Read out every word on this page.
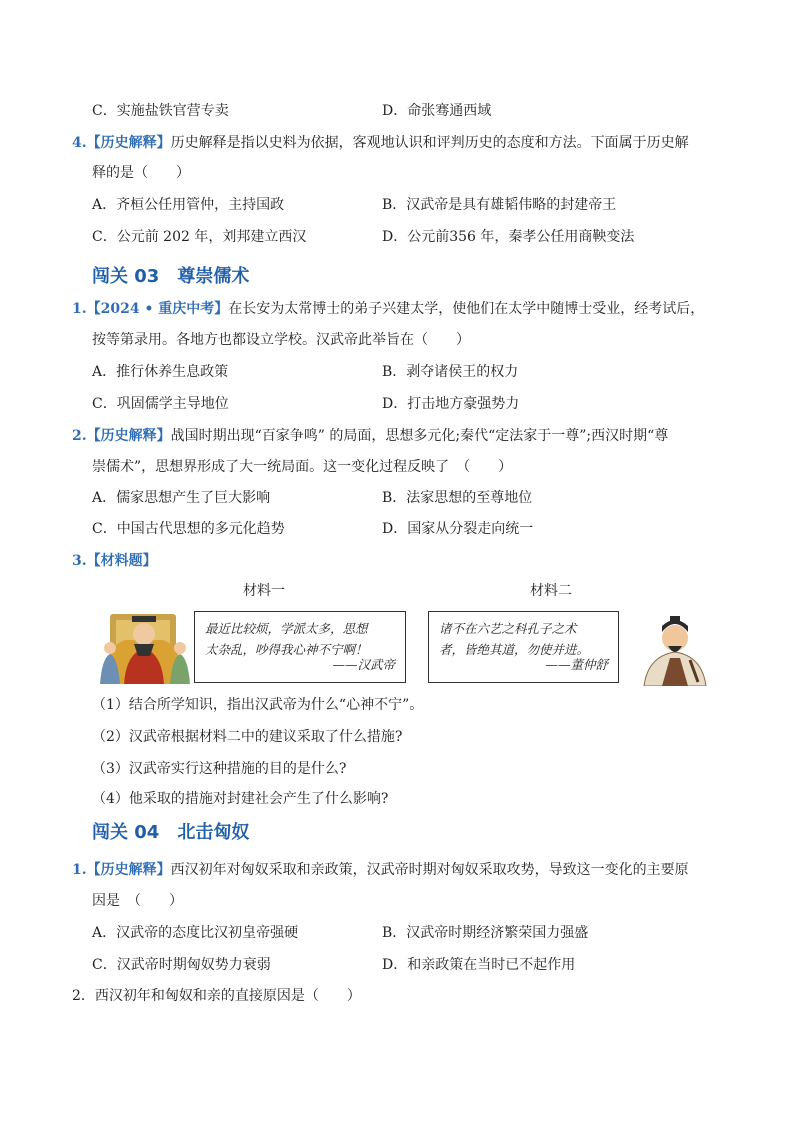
C．实施盐铁官营专卖	D．命张骞通西域
4.【历史解释】历史解释是指以史料为依据，客观地认识和评判历史的态度和方法。下面属于历史解
释的是（　　）
A．齐桓公任用管仲，主持国政	B．汉武帝是具有雄韬伟略的封建帝王
C．公元前 202 年，刘邦建立西汉	D．公元前356 年，秦孝公任用商鞅变法
闯关 03 尊崇儒术
1.【2024 • 重庆中考】在长安为太常博士的弟子兴建太学，使他们在太学中随博士受业，经考试后，
按等第录用。各地方也都设立学校。汉武帝此举旨在（　　）
A．推行休养生息政策	B．剥夺诸侯王的权力
C．巩固儒学主导地位	D．打击地方豪强势力
2.【历史解释】战国时期出现“百家争鸣” 的局面，思想多元化;秦代“定法家于一尊”;西汉时期“尊
崇儒术”，思想界形成了大一统局面。这一变化过程反映了　（　　）
A．儒家思想产生了巨大影响	B．法家思想的至尊地位
C．中国古代思想的多元化趋势	D．国家从分裂走向统一
3.【材料题】
材料一	材料二
最近比较烦，学派太多，思想
太杂乱，吵得我心神不宁啊！
——汉武帝
诸不在六艺之科孔子之术
者，皆绝其道，勿使并进。
——董仲舒
（1）结合所学知识，指出汉武帝为什么“心神不宁”。
（2）汉武帝根据材料二中的建议采取了什么措施?
（3）汉武帝实行这种措施的目的是什么?
（4）他采取的措施对封建社会产生了什么影响?
闯关 04 北击匈奴
1.【历史解释】西汉初年对匈奴采取和亲政策，汉武帝时期对匈奴采取攻势，导致这一变化的主要原
因是　（　　）
A．汉武帝的态度比汉初皇帝强硬	B．汉武帝时期经济繁荣国力强盛
C．汉武帝时期匈奴势力衰弱	D．和亲政策在当时已不起作用
2．西汉初年和匈奴和亲的直接原因是（　　）
